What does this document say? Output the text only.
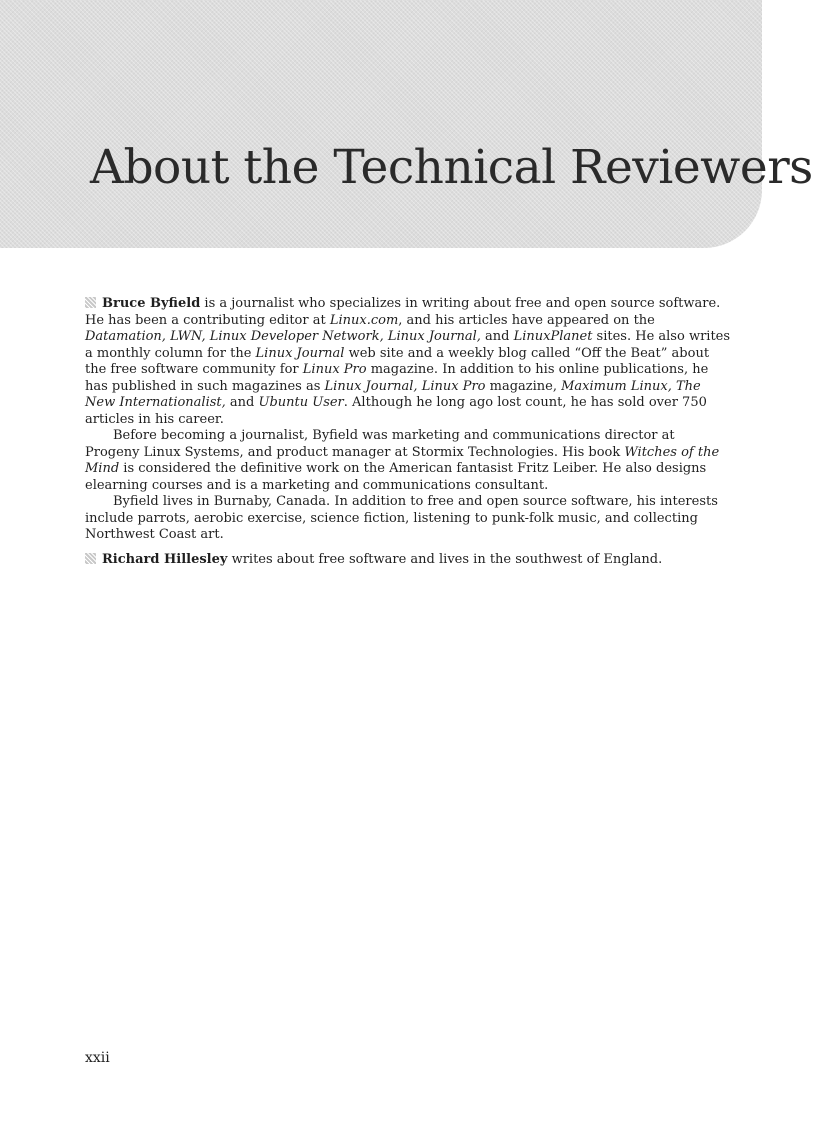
About the Technical Reviewers

Bruce Byfield is a journalist who specializes in writing about free and open source software. He has been a contributing editor at Linux.com, and his articles have appeared on the Datamation, LWN, Linux Developer Network, Linux Journal, and LinuxPlanet sites. He also writes a monthly column for the Linux Journal web site and a weekly blog called “Off the Beat” about the free software community for Linux Pro magazine. In addition to his online publications, he has published in such magazines as Linux Journal, Linux Pro magazine, Maximum Linux, The New Internationalist, and Ubuntu User. Although he long ago lost count, he has sold over 750 articles in his career.

Before becoming a journalist, Byfield was marketing and communications director at Progeny Linux Systems, and product manager at Stormix Technologies. His book Witches of the Mind is considered the definitive work on the American fantasist Fritz Leiber. He also designs elearning courses and is a marketing and communications consultant.

Byfield lives in Burnaby, Canada. In addition to free and open source software, his interests include parrots, aerobic exercise, science fiction, listening to punk-folk music, and collecting Northwest Coast art.

Richard Hillesley writes about free software and lives in the southwest of England.

xxii
